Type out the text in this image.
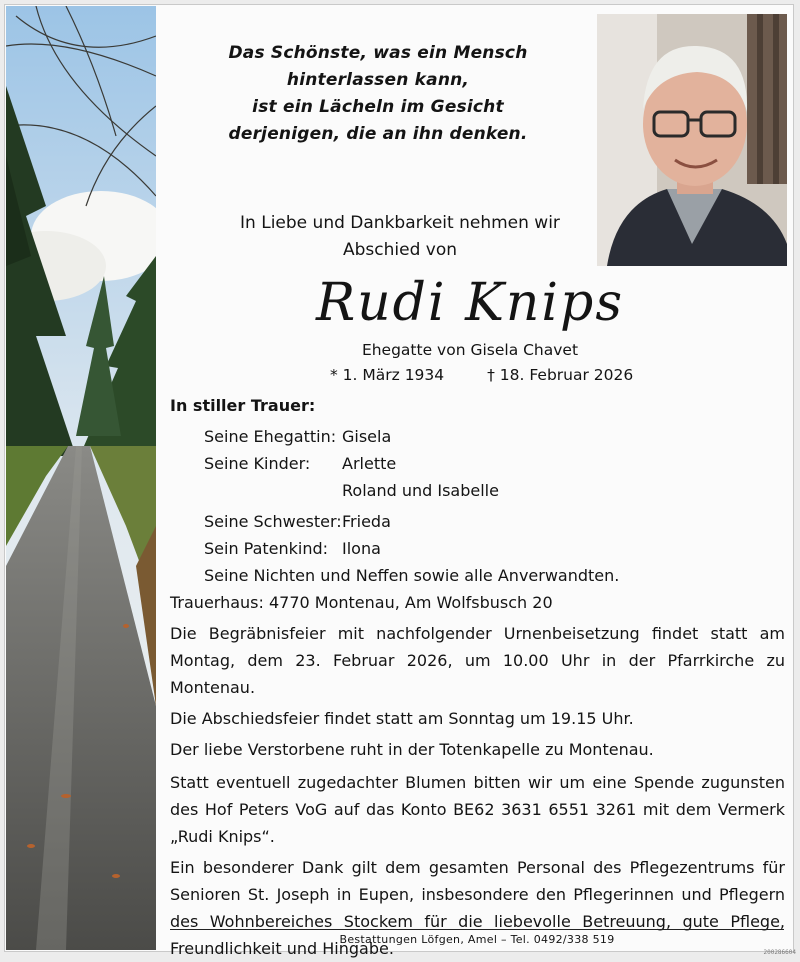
Das Schönste, was ein Mensch
hinterlassen kann,
ist ein Lächeln im Gesicht
derjenigen, die an ihn denken.

In Liebe und Dankbarkeit nehmen wir
Abschied von

Rudi Knips

Ehegatte von Gisela Chavet

* 1. März 1934	† 18. Februar 2026

In stiller Trauer:

Seine Ehegattin: Gisela

Seine Kinder: Arlette

Roland und Isabelle

Seine Schwester:Frieda

Sein Patenkind: Ilona

Seine Nichten und Neffen sowie alle Anverwandten.

Trauerhaus: 4770 Montenau, Am Wolfsbusch 20

Die Begräbnisfeier mit nachfolgender Urnenbeisetzung findet statt am Montag, dem 23. Februar 2026, um 10.00 Uhr in der Pfarrkirche zu Montenau.

Die Abschiedsfeier findet statt am Sonntag um 19.15 Uhr.

Der liebe Verstorbene ruht in der Totenkapelle zu Montenau.

Statt eventuell zugedachter Blumen bitten wir um eine Spende zugunsten des Hof Peters VoG auf das Konto BE62 3631 6551 3261 mit dem Vermerk „Rudi Knips“.

Ein besonderer Dank gilt dem gesamten Personal des Pflegezentrums für Senioren St. Joseph in Eupen, insbesondere den Pflegerinnen und Pflegern des Wohnbereiches Stockem für die liebevolle Betreuung, gute Pflege, Freundlichkeit und Hingabe.

Bestattungen Löfgen, Amel – Tel. 0492/338 519

200286604
